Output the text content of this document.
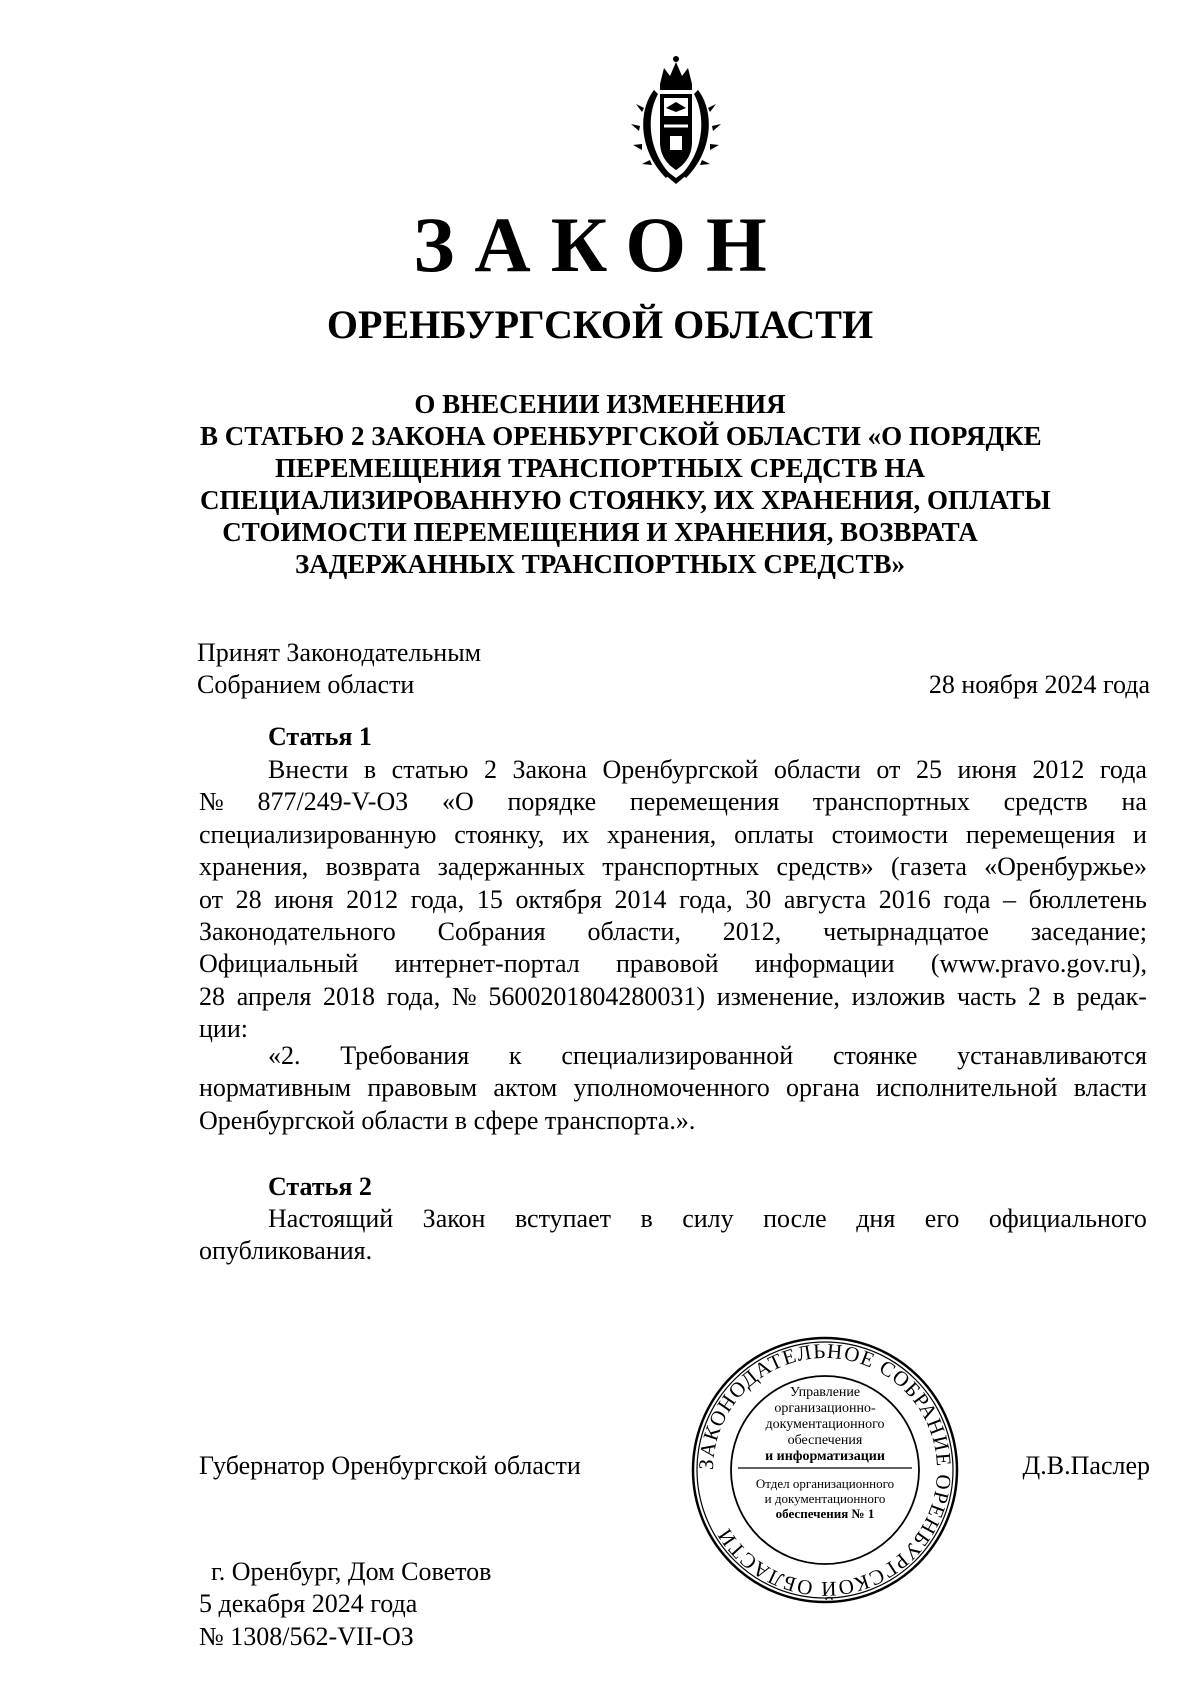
ЗАКОН
ОРЕНБУРГСКОЙ ОБЛАСТИ
О ВНЕСЕНИИ ИЗМЕНЕНИЯ
В СТАТЬЮ 2 ЗАКОНА ОРЕНБУРГСКОЙ ОБЛАСТИ «О ПОРЯДКЕ
ПЕРЕМЕЩЕНИЯ ТРАНСПОРТНЫХ СРЕДСТВ НА
СПЕЦИАЛИЗИРОВАННУЮ СТОЯНКУ, ИХ ХРАНЕНИЯ, ОПЛАТЫ
СТОИМОСТИ ПЕРЕМЕЩЕНИЯ И ХРАНЕНИЯ, ВОЗВРАТА
ЗАДЕРЖАННЫХ ТРАНСПОРТНЫХ СРЕДСТВ»
Принят Законодательным
Собранием области	28 ноября 2024 года
Статья 1
Внести в статью 2 Закона Оренбургской области от 25 июня 2012 года
№ 877/249-V-ОЗ «О порядке перемещения транспортных средств на
специализированную стоянку, их хранения, оплаты стоимости перемещения и
хранения, возврата задержанных транспортных средств» (газета «Оренбуржье»
от 28 июня 2012 года, 15 октября 2014 года, 30 августа 2016 года – бюллетень
Законодательного Собрания области, 2012, четырнадцатое заседание;
Официальный интернет-портал правовой информации (www.pravo.gov.ru),
28 апреля 2018 года, № 5600201804280031) изменение, изложив часть 2 в редак-
ции:
«2. Требования к специализированной стоянке устанавливаются
нормативным правовым актом уполномоченного органа исполнительной власти
Оренбургской области в сфере транспорта.».
Статья 2
Настоящий Закон вступает в силу после дня его официального
опубликования.
Губернатор Оренбургской области	Д.В.Паслер
г. Оренбург, Дом Советов
5 декабря 2024 года
№ 1308/562-VII-ОЗ
ЗАКОНОДАТЕЛЬНОЕ СОБРАНИЕ ОРЕНБУРГСКОЙ ОБЛАСТИ
Управление
организационно-
документационного
обеспечения
и информатизации
Отдел организационного
и документационного
обеспечения № 1
